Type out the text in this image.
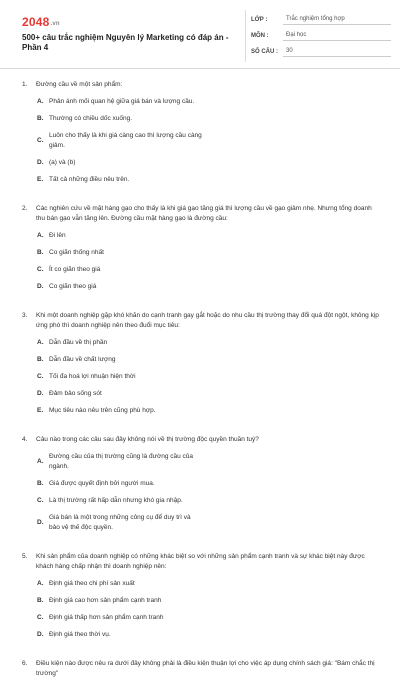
2048.vn
500+ câu trắc nghiệm Nguyên lý Marketing có đáp án - Phần 4
LỚP :	Trắc nghiệm tổng hợp
MÔN :	Đại học
SỐ CÂU :	30
1.	Đường cầu về một sản phẩm:
A. Phản ánh mối quan hệ giữa giá bán và lượng cầu.
B. Thường có chiều dốc xuống.
C.
Luôn cho thấy là khi giá càng cao thì lượng cầu càng giảm.
D. (a) và (b)
E. Tất cả những điều nêu trên.
2.	Các nghiên cứu về mặt hàng gạo cho thấy là khi giá gạo tăng giá thì lượng cầu về gạo giảm nhẹ. Nhưng tổng doanh thu bán gạo vẫn tăng lên. Đường cầu mặt hàng gạo là đường cầu:
A. Đi lên
B. Co giãn thống nhất
C. Ít co giãn theo giá
D. Co giãn theo giá
3.	Khi một doanh nghiệp gặp khó khăn do cạnh tranh gay gắt hoặc do nhu cầu thị trường thay đổi quá đột ngột, không kịp ứng phó thì doanh nghiệp nên theo đuổi mục tiêu:
A. Dẫn đầu về thị phần
B. Dẫn đầu về chất lượng
C. Tối đa hoá lợi nhuận hiện thời
D. Đảm bảo sống sót
E. Mục tiêu nào nêu trên cũng phù hợp.
4.	Câu nào trong các câu sau đây không nói về thị trường độc quyền thuần tuý?
A.
Đường cầu của thị trường cũng là đường cầu của ngành.
B. Giá được quyết định bởi người mua.
C. Là thị trường rất hấp dẫn nhưng khó gia nhập.
D.
Giá bán là một trong những công cụ để duy trì và bảo vệ thế độc quyền.
5.	Khi sản phẩm của doanh nghiệp có những khác biệt so với những sản phẩm cạnh tranh và sự khác biệt này được khách hàng chấp nhận thì doanh nghiệp nên:
A. Định giá theo chi phí sản xuất
B. Định giá cao hơn sản phẩm cạnh tranh
C. Định giá thấp hơn sản phẩm cạnh tranh
D. Định giá theo thời vụ.
6.	Điều kiện nào được nêu ra dưới đây không phải là điều kiện thuận lợi cho việc áp dụng chính sách giá: "Bám chắc thị trường"
